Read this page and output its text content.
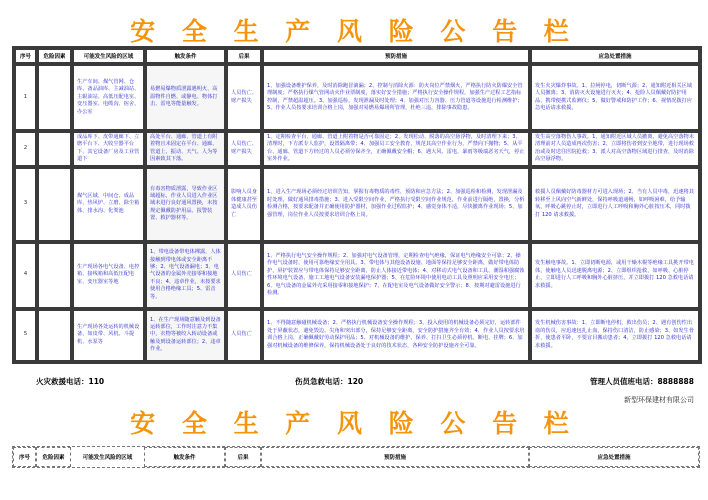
安 全 生 产 风 险 公 告 栏
序号	危险因素	可能发生风险的区域	触发条件	后果	预防措施	应急处置措施
1		生产车间、煤气管网、仓库、备品油库、主减油站、主辊油站、高低压配电室、变压器室、电缆沟、宿舍、办公室	易燃易爆物质泄露遇明火、高温物件自燃、或静电、物体打击、雷电等能量触发。	人员伤亡、财产损失	1、加强设备维护保养，及时消除跑冒滴漏；2、控制与消除火源：防火岗位严禁烟火，严格执行防火防爆安全管理制度；严格执行煤气管网动火作业票制度，落实好安全措施；严格执行安全操作规程，加强生产过程工艺指标控制，严禁超温超压。3、加强巡检，发现泄漏及时处理；4、加强对压力容器、压力管道等设施进行检测维护；5、作业人员按要求培训合格上岗，加强对易燃易爆场所管理，杜绝三违，排除事故隐患。	发生火灾爆炸事故。1、拉闸停电，切断气源；2、通知附近相关区域人员撤离；3、消防灭火设施进行灭火；4、抢险人员佩戴好防护用品，携带便携式监测仪；5、做好警戒和防护工作；6、视情况拨打应急电话请求救援。
2		成品库下、皮带通廊下、立磨平台下、大收尘器平台下、其它设备厂房及工业管道下	高处平台、通廊、管道上有附着物且未固定在平台、通廊、管道上，振动、天气、人为等因素致其下落。	人员伤亡、财产损失	1、定期检查平台、通廊、管道上附着物是否可靠固定；2、发现松动、脱落的高空悬浮物，及时清理下来；3、清理时，下方派专人监护，设置隔离带；4、加强员工安全教育，规范其高空作业行为，严禁向下抛物；5、从平台、通廊、管道下方经过的人员必须劳保齐全，正确佩戴安全帽；6、遇大风、雷电、暴雨等极端恶劣天气，停止室外作业。	发生高空落物伤人事故。1、通知附近区域人员撤离，避免高空落物未清理前对人员造成再次伤害；2、立即将伤者到安全地带，进行现场救治或及时送往医院抢救；3、派人对高空落物区域进行排查，及时消除高空悬浮物。
3		煤气区域、中间仓、成品库、热风炉、立磨、除尘箱体、排水沟、化粪池	有毒害物质泄露，导致作业区域超标，作业人员进入作业区域未进行良好通风置换，未按规定佩戴防护用品、报警装置、救护器材等。	影响人员身体健康甚至造成人员伤亡	1、进入生产现场必须经过培训告知，掌握有毒物质的毒性，预防和应急方法；2、加强巡检和检测，发现泄漏及时处理，做好通风排毒措施；3、进入受限空间作业，严格执行受限空间作业规范，作业前进行隔绝，置换，分析检测合格，按要求配备并正确使用防护器材，加强作业过程监护；4、感觉身体不适，尽快撤离作业现场；5、加强管理，岗位作业人员按要求培训合格上岗。	救援人员佩戴好防毒器材方可进入现场；2、当有人员中毒，迅速将其转移至上风向空气新鲜处，保持呼吸道通畅，如呼吸困难，给予输氧，呼吸心跳停止时，立即进行人工呼吸和胸外心脏按压术，同时拨打 120 请求救援。
4		生产现场各电气设备、电控箱、接线箱和高低压配电室、变压器室等地	1、带电设备带电体裸露，人体接触到带电体或安全距离不够；2、电气设备漏电；3、电气设备的金属外壳接零和接地不良；4、违章作业，未按要求使用合格绝缘工具；5、雷击等。	人员伤亡	1、严格执行电气安全操作规程；2、加强对电气设备管理，定期检查电气绝缘，保证电气绝缘安全可靠；2、操作电气设备时，使用可靠绝缘安全用具。3、带电体与其他设备设施、地面等保持足够安全距离，做好带电体防护，屏护装置应与带电体保持足够安全距离，防止人体接近带电体；4、对移动式电气设备和工具、潮湿和强腐蚀性环境电气设备、施工工地电气设备安装漏电保护器；5、在危险环境中使用电动工具及照明应采用安全电压；6、电气设备的金属外壳采用接零和接地保护；7、在配电室及电气设备做好安全警示；8、按期对避雷设施进行检测。	发生触电事故。1、立即切断电源，或用干燥木棍等绝缘工具挑开带电体，使触电人员迅速脱离电源；2、立即组织抢救，如呼吸、心脏停止，立即进行人工呼吸和胸外心脏挤压，并立即拨打 120 急救电话请求救援。
5		生产现场各处运转的机械设备，如皮带、风机、斗提机、水泵等	1、在生产现场随意触及到设备运转部位，工作时注意力不集中，衣物等被绞入转动设备或触及到设备运转部位；2、违章作业。	人员伤亡	1、不得随意触碰机械设备；2、严格执行机械设备安全操作规程；3、投入使用的机械设备必须完好，运转部件处于屏蔽状态，避免毁边、尖角和突出部分，保持足够安全距离，安全防护措施齐全有效；4、作业人员按要求培训合格上岗，正确佩戴好劳动保护用品；5、对机械设备的维护、保养、打扫卫生必须停机、断电、挂牌；6、加强对机械设备的维修保养，保持机械设备处于良好的技术状态，各种安全防护设施齐全可靠。	发生机械伤害事故：1、立即断电停机，救出伤员；2、遇有创伤性出血的伤员，应迅速包扎止血，保持伤口清洁，防止感染；3、如发生骨折，使患者平卧，不要盲目搬动患者；4、立即拨打 120 急救电话请求救援。
火灾救援电话：110	伤员急救电话：120	管理人员值班电话：8888888
新型环保建材有限公司
安 全 生 产 风 险 公 告 栏
序号	危险因素	可能发生风险的区域	触发条件	后果	预防措施	应急处置措施
